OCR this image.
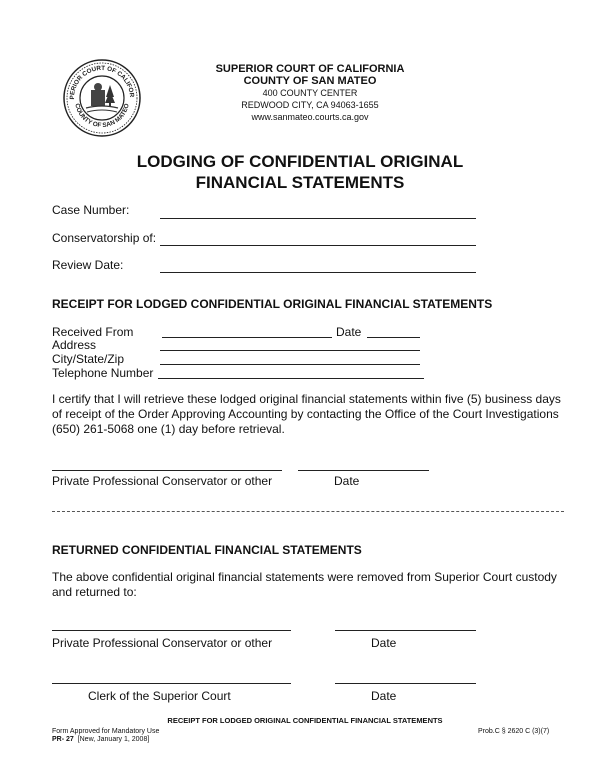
PERIOR COURT OF CALIFOR
COUNTY OF SAN MATEO
SUPERIOR COURT OF CALIFORNIA
COUNTY OF SAN MATEO
400 COUNTY CENTER
REDWOOD CITY, CA 94063-1655
www.sanmateo.courts.ca.gov
LODGING OF CONFIDENTIAL ORIGINAL
FINANCIAL STATEMENTS
Case Number:
Conservatorship of:
Review Date:
RECEIPT FOR LODGED CONFIDENTIAL ORIGINAL FINANCIAL STATEMENTS
Received From	Date
Address
City/State/Zip
Telephone Number
I certify that I will retrieve these lodged original financial statements within five (5) business days of receipt of the Order Approving Accounting by contacting the Office of the Court Investigations (650) 261-5068 one (1) day before retrieval.
Private Professional Conservator or other	Date
RETURNED CONFIDENTIAL FINANCIAL STATEMENTS
The above confidential original financial statements were removed from Superior Court custody and returned to:
Private Professional Conservator or other	Date
Clerk of the Superior Court	Date
RECEIPT FOR LODGED ORIGINAL CONFIDENTIAL FINANCIAL STATEMENTS
Form Approved for Mandatory Use
PR- 27  [New, January 1, 2008]
Prob.C § 2620 C (3)(7)
